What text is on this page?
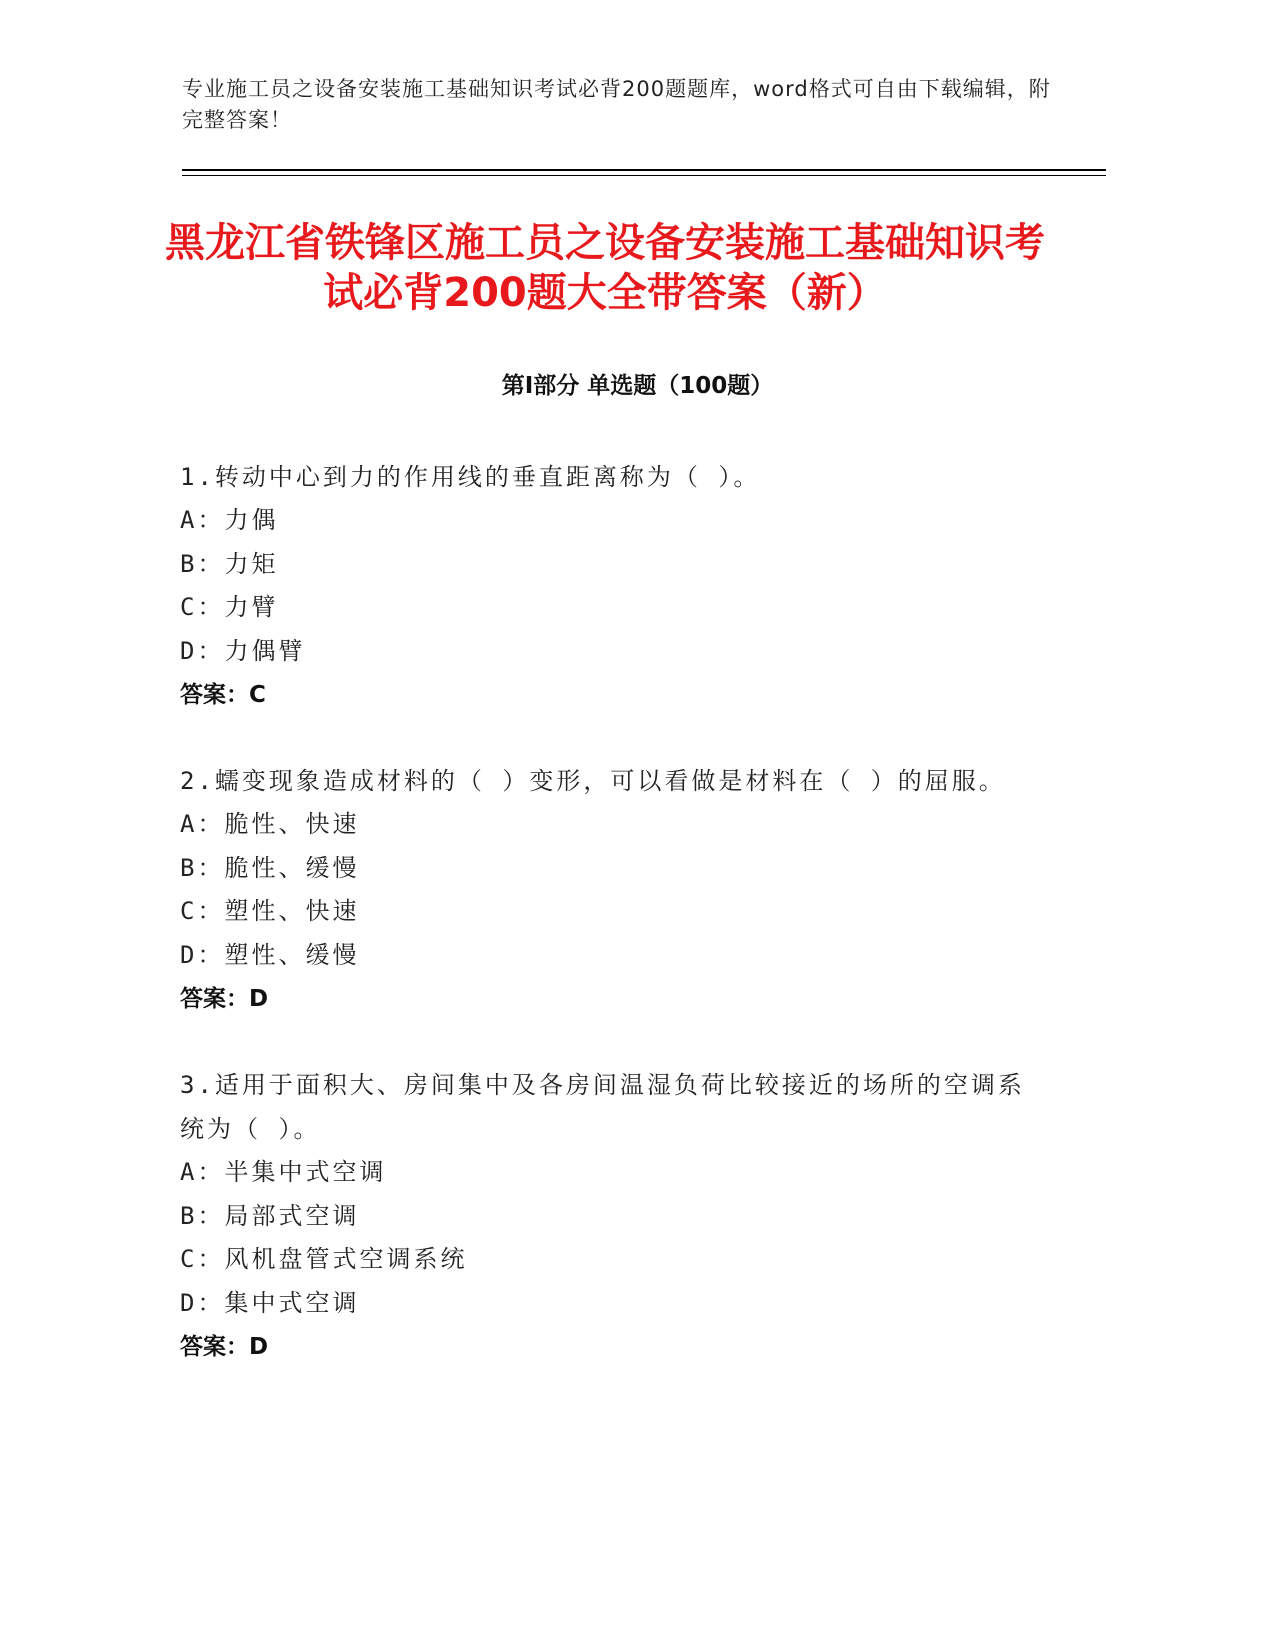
专业施工员之设备安装施工基础知识考试必背200题题库，word格式可自由下载编辑，附完整答案！
黑龙江省铁锋区施工员之设备安装施工基础知识考试必背200题大全带答案（新）
第Ⅰ部分 单选题（100题）
1.转动中心到力的作用线的垂直距离称为（ ）。
A：力偶
B：力矩
C：力臂
D：力偶臂
答案：C
2.蠕变现象造成材料的（ ）变形，可以看做是材料在（ ）的屈服。
A：脆性、快速
B：脆性、缓慢
C：塑性、快速
D：塑性、缓慢
答案：D
3.适用于面积大、房间集中及各房间温湿负荷比较接近的场所的空调系统为（ ）。
A：半集中式空调
B：局部式空调
C：风机盘管式空调系统
D：集中式空调
答案：D
